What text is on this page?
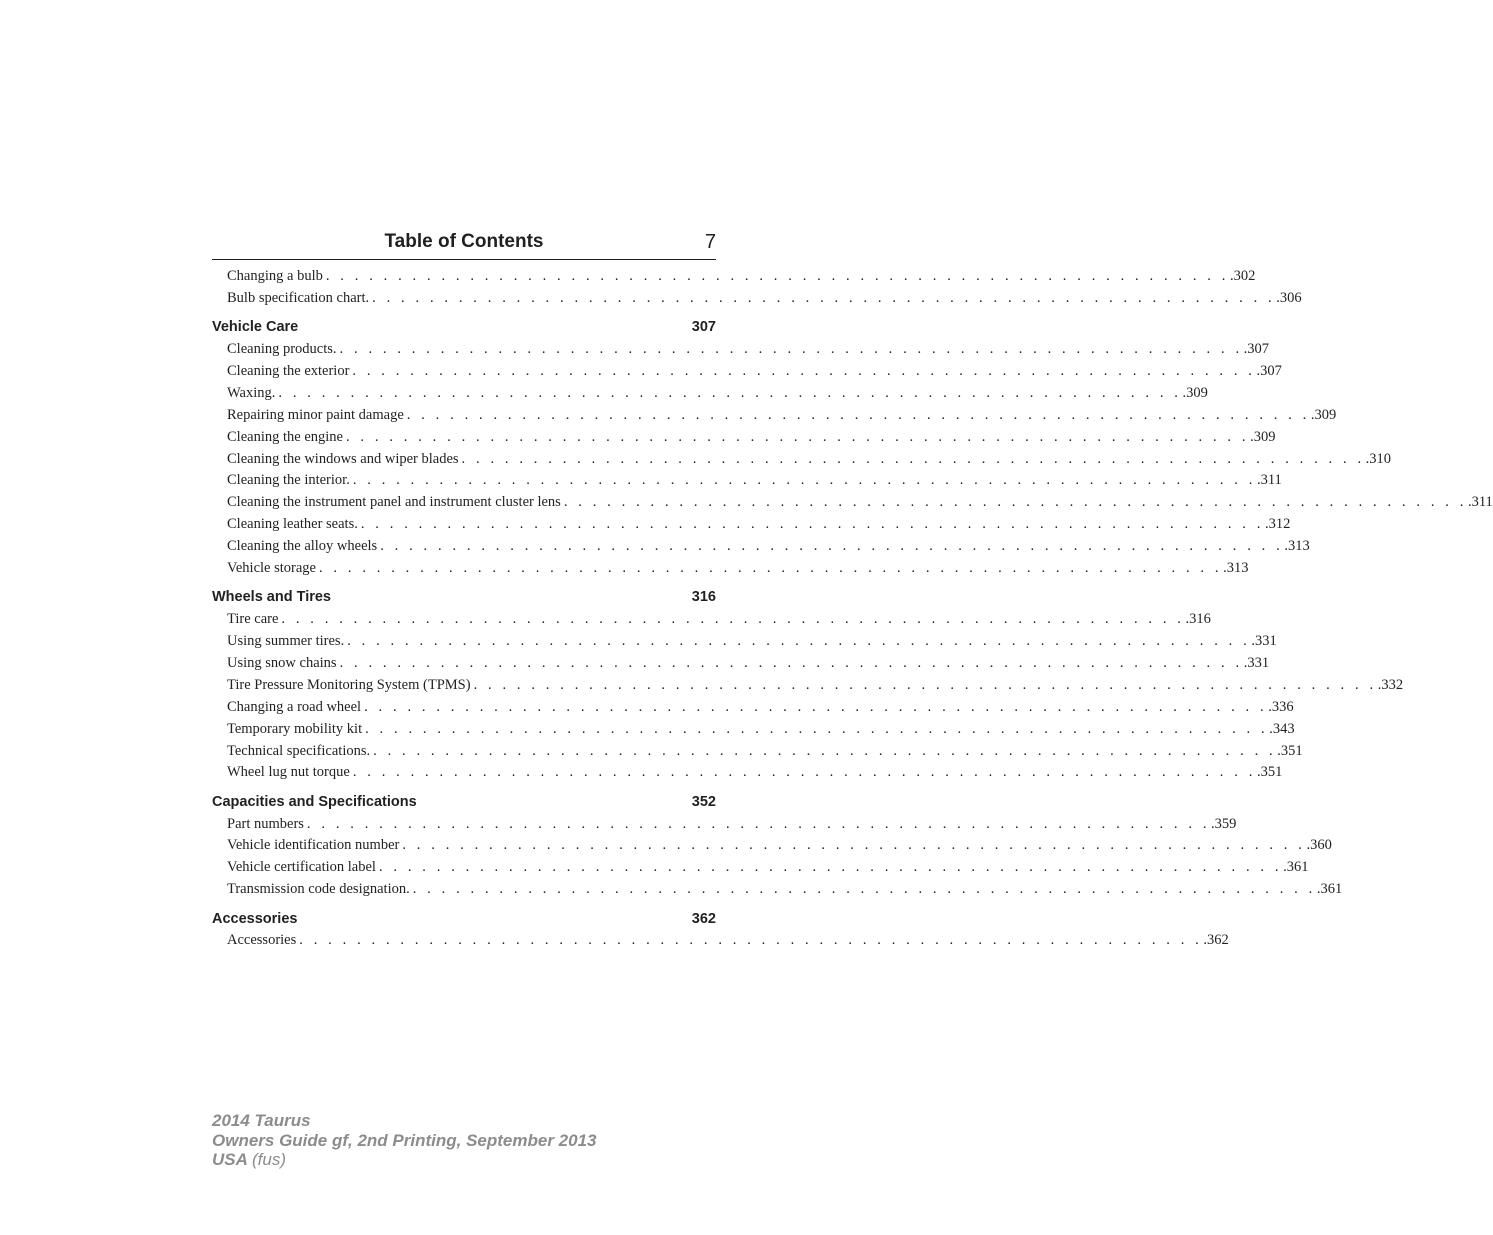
Table of Contents	7
Changing a bulb . . . . . . . . . . . . . . . . . . . . . . . . . . . . . . . . . . . . . . . . . . . . . . . . . . . . . . . . . . . . . . . .302
Bulb specification chart. . . . . . . . . . . . . . . . . . . . . . . . . . . . . . . . . . . . . . . . . . . . . . . . . . . . . . . . . . . . . . . . .306
Vehicle Care	307
Cleaning products. . . . . . . . . . . . . . . . . . . . . . . . . . . . . . . . . . . . . . . . . . . . . . . . . . . . . . . . . . . . . . . . .307
Cleaning the exterior . . . . . . . . . . . . . . . . . . . . . . . . . . . . . . . . . . . . . . . . . . . . . . . . . . . . . . . . . . . . . . . .307
Waxing. . . . . . . . . . . . . . . . . . . . . . . . . . . . . . . . . . . . . . . . . . . . . . . . . . . . . . . . . . . . . . . . .309
Repairing minor paint damage . . . . . . . . . . . . . . . . . . . . . . . . . . . . . . . . . . . . . . . . . . . . . . . . . . . . . . . . . . . . . . . .309
Cleaning the engine . . . . . . . . . . . . . . . . . . . . . . . . . . . . . . . . . . . . . . . . . . . . . . . . . . . . . . . . . . . . . . . .309
Cleaning the windows and wiper blades . . . . . . . . . . . . . . . . . . . . . . . . . . . . . . . . . . . . . . . . . . . . . . . . . . . . . . . . . . . . . . . .310
Cleaning the interior. . . . . . . . . . . . . . . . . . . . . . . . . . . . . . . . . . . . . . . . . . . . . . . . . . . . . . . . . . . . . . . . .311
Cleaning the instrument panel and instrument cluster lens . . . . . . . . . . . . . . . . . . . . . . . . . . . . . . . . . . . . . . . . . . . . . . . . . . . . . . . . . . . . . . . .311
Cleaning leather seats. . . . . . . . . . . . . . . . . . . . . . . . . . . . . . . . . . . . . . . . . . . . . . . . . . . . . . . . . . . . . . . . .312
Cleaning the alloy wheels . . . . . . . . . . . . . . . . . . . . . . . . . . . . . . . . . . . . . . . . . . . . . . . . . . . . . . . . . . . . . . . .313
Vehicle storage . . . . . . . . . . . . . . . . . . . . . . . . . . . . . . . . . . . . . . . . . . . . . . . . . . . . . . . . . . . . . . . .313
Wheels and Tires	316
Tire care . . . . . . . . . . . . . . . . . . . . . . . . . . . . . . . . . . . . . . . . . . . . . . . . . . . . . . . . . . . . . . . .316
Using summer tires. . . . . . . . . . . . . . . . . . . . . . . . . . . . . . . . . . . . . . . . . . . . . . . . . . . . . . . . . . . . . . . . .331
Using snow chains . . . . . . . . . . . . . . . . . . . . . . . . . . . . . . . . . . . . . . . . . . . . . . . . . . . . . . . . . . . . . . . .331
Tire Pressure Monitoring System (TPMS) . . . . . . . . . . . . . . . . . . . . . . . . . . . . . . . . . . . . . . . . . . . . . . . . . . . . . . . . . . . . . . . .332
Changing a road wheel . . . . . . . . . . . . . . . . . . . . . . . . . . . . . . . . . . . . . . . . . . . . . . . . . . . . . . . . . . . . . . . .336
Temporary mobility kit . . . . . . . . . . . . . . . . . . . . . . . . . . . . . . . . . . . . . . . . . . . . . . . . . . . . . . . . . . . . . . . .343
Technical specifications. . . . . . . . . . . . . . . . . . . . . . . . . . . . . . . . . . . . . . . . . . . . . . . . . . . . . . . . . . . . . . . . .351
Wheel lug nut torque . . . . . . . . . . . . . . . . . . . . . . . . . . . . . . . . . . . . . . . . . . . . . . . . . . . . . . . . . . . . . . . .351
Capacities and Specifications	352
Part numbers . . . . . . . . . . . . . . . . . . . . . . . . . . . . . . . . . . . . . . . . . . . . . . . . . . . . . . . . . . . . . . . .359
Vehicle identification number . . . . . . . . . . . . . . . . . . . . . . . . . . . . . . . . . . . . . . . . . . . . . . . . . . . . . . . . . . . . . . . .360
Vehicle certification label . . . . . . . . . . . . . . . . . . . . . . . . . . . . . . . . . . . . . . . . . . . . . . . . . . . . . . . . . . . . . . . .361
Transmission code designation. . . . . . . . . . . . . . . . . . . . . . . . . . . . . . . . . . . . . . . . . . . . . . . . . . . . . . . . . . . . . . . . .361
Accessories	362
Accessories . . . . . . . . . . . . . . . . . . . . . . . . . . . . . . . . . . . . . . . . . . . . . . . . . . . . . . . . . . . . . . . .362
2014 Taurus
Owners Guide gf, 2nd Printing, September 2013
USA (fus)
